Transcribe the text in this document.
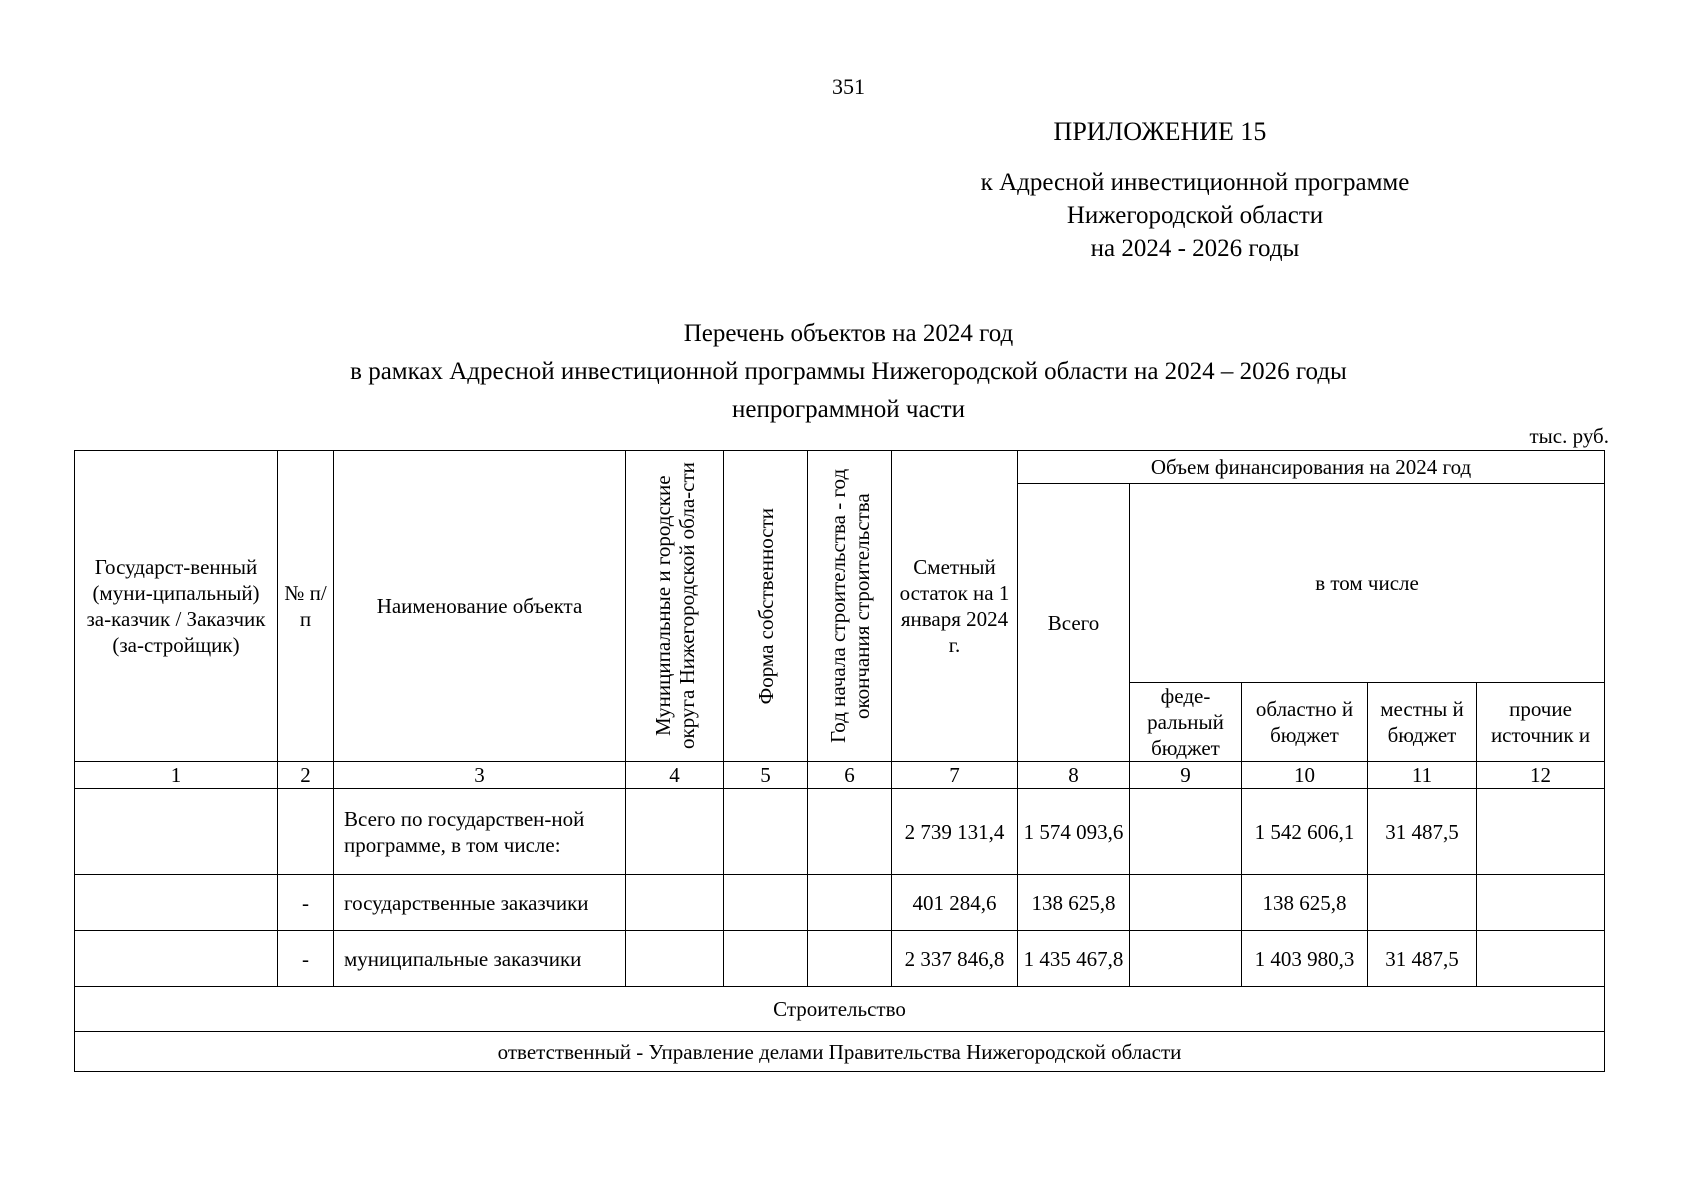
351
ПРИЛОЖЕНИЕ 15
к Адресной инвестиционной программе
Нижегородской области
на 2024 - 2026 годы
Перечень объектов на 2024 год
в рамках Адресной инвестиционной программы Нижегородской области на 2024 – 2026 годы
непрограммной части
тыс. руб.
Государст-венный (муни-ципальный) за-казчик / Заказчик (за-стройщик)	№ п/п	Наименование объекта	Муниципальные и городские округа Нижегородской обла-сти	Форма собственности	Год начала строительства - год окончания строительства	Сметный остаток на 1 января 2024 г.	Объем финансирования на 2024 год				
							Всего	в том числе			
								феде-ральный бюджет	областно й бюджет	местны й бюджет	прочие источник и
1	2	3	4	5	6	7	8	9	10	11	12
		Всего по государствен-ной программе, в том числе:				2 739 131,4	1 574 093,6		1 542 606,1	31 487,5	
	-	государственные заказчики				401 284,6	138 625,8		138 625,8		
	-	муниципальные заказчики				2 337 846,8	1 435 467,8		1 403 980,3	31 487,5	
Строительство											
ответственный - Управление делами Правительства Нижегородской области											
